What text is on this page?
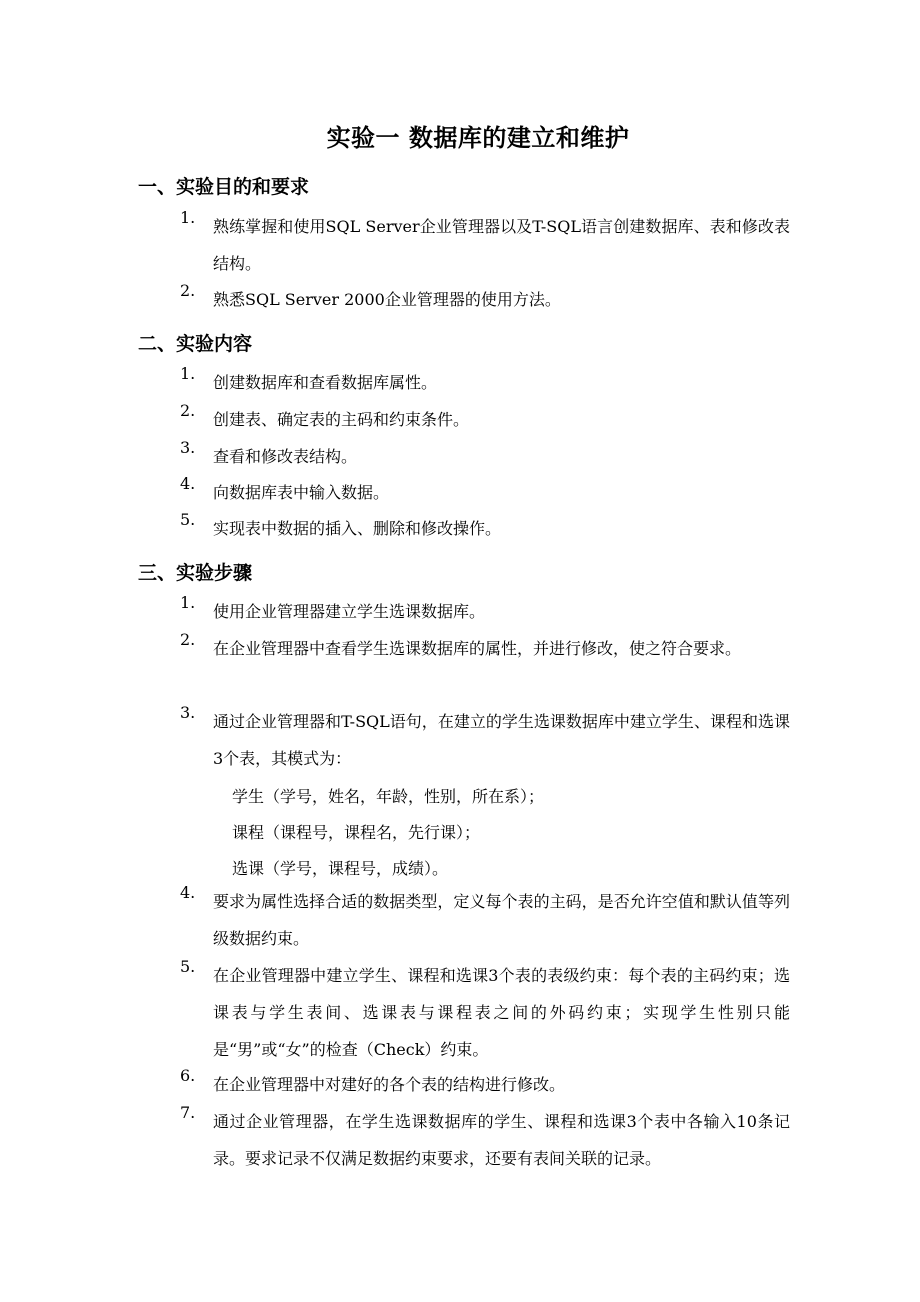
实验一 数据库的建立和维护
一、实验目的和要求
1.	熟练掌握和使用SQL Server企业管理器以及T-SQL语言创建数据库、表和修改表结构。
2.	熟悉SQL Server 2000企业管理器的使用方法。
二、实验内容
1.	创建数据库和查看数据库属性。
2.	创建表、确定表的主码和约束条件。
3.	查看和修改表结构。
4.	向数据库表中输入数据。
5.	实现表中数据的插入、删除和修改操作。
三、实验步骤
1.	使用企业管理器建立学生选课数据库。
2.	在企业管理器中查看学生选课数据库的属性，并进行修改，使之符合要求。
3.	通过企业管理器和T-SQL语句，在建立的学生选课数据库中建立学生、课程和选课3个表，其模式为：
学生（学号，姓名，年龄，性别，所在系）；
课程（课程号，课程名，先行课）；
选课（学号，课程号，成绩）。
4.	要求为属性选择合适的数据类型，定义每个表的主码，是否允许空值和默认值等列级数据约束。
5.	在企业管理器中建立学生、课程和选课3个表的表级约束：每个表的主码约束；选课表与学生表间、选课表与课程表之间的外码约束；实现学生性别只能是“男”或“女”的检查（Check）约束。
6.	在企业管理器中对建好的各个表的结构进行修改。
7.	通过企业管理器，在学生选课数据库的学生、课程和选课3个表中各输入10条记录。要求记录不仅满足数据约束要求，还要有表间关联的记录。
